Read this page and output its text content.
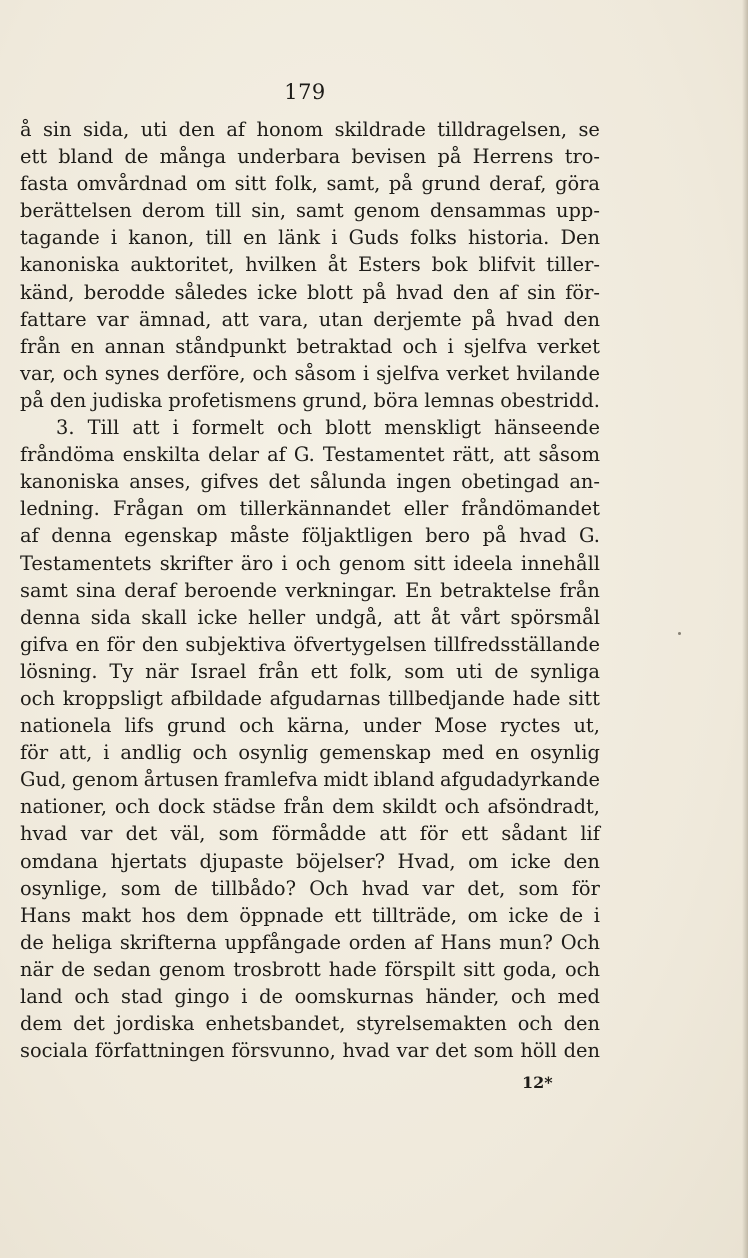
179
å sin sida, uti den af honom skildrade tilldragelsen, se
ett bland de många underbara bevisen på Herrens tro-
fasta omvårdnad om sitt folk, samt, på grund deraf, göra
berättelsen derom till sin, samt genom densammas upp-
tagande i kanon, till en länk i Guds folks historia. Den
kanoniska auktoritet, hvilken åt Esters bok blifvit tiller-
känd, berodde således icke blott på hvad den af sin för-
fattare var ämnad, att vara, utan derjemte på hvad den
från en annan ståndpunkt betraktad och i sjelfva verket
var, och synes derföre, och såsom i sjelfva verket hvilande
på den judiska profetismens grund, böra lemnas obestridd.
3. Till att i formelt och blott menskligt hänseende
fråndöma enskilta delar af G. Testamentet rätt, att såsom
kanoniska anses, gifves det sålunda ingen obetingad an-
ledning. Frågan om tillerkännandet eller fråndömandet
af denna egenskap måste följaktligen bero på hvad G.
Testamentets skrifter äro i och genom sitt ideela innehåll
samt sina deraf beroende verkningar. En betraktelse från
denna sida skall icke heller undgå, att åt vårt spörsmål
gifva en för den subjektiva öfvertygelsen tillfredsställande
lösning. Ty när Israel från ett folk, som uti de synliga
och kroppsligt afbildade afgudarnas tillbedjande hade sitt
nationela lifs grund och kärna, under Mose ryctes ut,
för att, i andlig och osynlig gemenskap med en osynlig
Gud, genom årtusen framlefva midt ibland afgudadyrkande
nationer, och dock städse från dem skildt och afsöndradt,
hvad var det väl, som förmådde att för ett sådant lif
omdana hjertats djupaste böjelser? Hvad, om icke den
osynlige, som de tillbådo? Och hvad var det, som för
Hans makt hos dem öppnade ett tillträde, om icke de i
de heliga skrifterna uppfångade orden af Hans mun? Och
när de sedan genom trosbrott hade förspilt sitt goda, och
land och stad gingo i de oomskurnas händer, och med
dem det jordiska enhetsbandet, styrelsemakten och den
sociala författningen försvunno, hvad var det som höll den
12*
